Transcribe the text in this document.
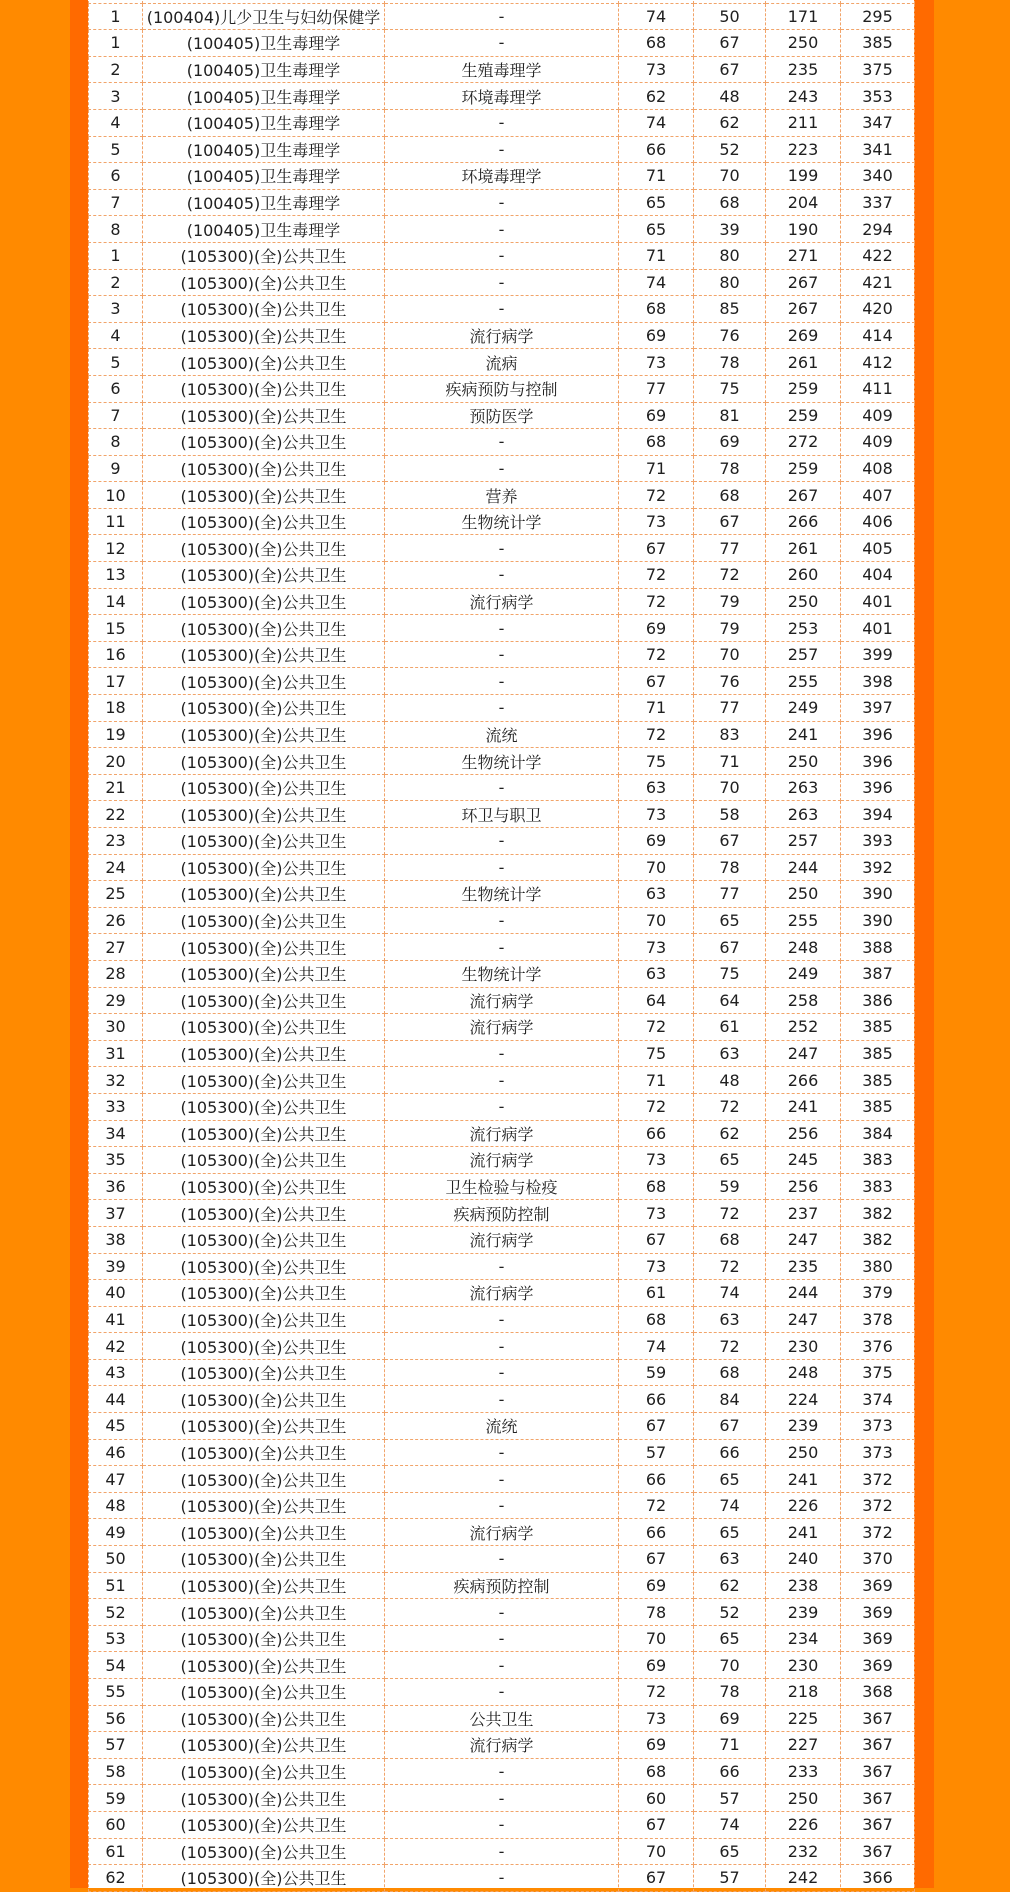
1	(100404)儿少卫生与妇幼保健学	-	74	50	171	295
1	(100405)卫生毒理学	-	68	67	250	385
2	(100405)卫生毒理学	生殖毒理学	73	67	235	375
3	(100405)卫生毒理学	环境毒理学	62	48	243	353
4	(100405)卫生毒理学	-	74	62	211	347
5	(100405)卫生毒理学	-	66	52	223	341
6	(100405)卫生毒理学	环境毒理学	71	70	199	340
7	(100405)卫生毒理学	-	65	68	204	337
8	(100405)卫生毒理学	-	65	39	190	294
1	(105300)(全)公共卫生	-	71	80	271	422
2	(105300)(全)公共卫生	-	74	80	267	421
3	(105300)(全)公共卫生	-	68	85	267	420
4	(105300)(全)公共卫生	流行病学	69	76	269	414
5	(105300)(全)公共卫生	流病	73	78	261	412
6	(105300)(全)公共卫生	疾病预防与控制	77	75	259	411
7	(105300)(全)公共卫生	预防医学	69	81	259	409
8	(105300)(全)公共卫生	-	68	69	272	409
9	(105300)(全)公共卫生	-	71	78	259	408
10	(105300)(全)公共卫生	营养	72	68	267	407
11	(105300)(全)公共卫生	生物统计学	73	67	266	406
12	(105300)(全)公共卫生	-	67	77	261	405
13	(105300)(全)公共卫生	-	72	72	260	404
14	(105300)(全)公共卫生	流行病学	72	79	250	401
15	(105300)(全)公共卫生	-	69	79	253	401
16	(105300)(全)公共卫生	-	72	70	257	399
17	(105300)(全)公共卫生	-	67	76	255	398
18	(105300)(全)公共卫生	-	71	77	249	397
19	(105300)(全)公共卫生	流统	72	83	241	396
20	(105300)(全)公共卫生	生物统计学	75	71	250	396
21	(105300)(全)公共卫生	-	63	70	263	396
22	(105300)(全)公共卫生	环卫与职卫	73	58	263	394
23	(105300)(全)公共卫生	-	69	67	257	393
24	(105300)(全)公共卫生	-	70	78	244	392
25	(105300)(全)公共卫生	生物统计学	63	77	250	390
26	(105300)(全)公共卫生	-	70	65	255	390
27	(105300)(全)公共卫生	-	73	67	248	388
28	(105300)(全)公共卫生	生物统计学	63	75	249	387
29	(105300)(全)公共卫生	流行病学	64	64	258	386
30	(105300)(全)公共卫生	流行病学	72	61	252	385
31	(105300)(全)公共卫生	-	75	63	247	385
32	(105300)(全)公共卫生	-	71	48	266	385
33	(105300)(全)公共卫生	-	72	72	241	385
34	(105300)(全)公共卫生	流行病学	66	62	256	384
35	(105300)(全)公共卫生	流行病学	73	65	245	383
36	(105300)(全)公共卫生	卫生检验与检疫	68	59	256	383
37	(105300)(全)公共卫生	疾病预防控制	73	72	237	382
38	(105300)(全)公共卫生	流行病学	67	68	247	382
39	(105300)(全)公共卫生	-	73	72	235	380
40	(105300)(全)公共卫生	流行病学	61	74	244	379
41	(105300)(全)公共卫生	-	68	63	247	378
42	(105300)(全)公共卫生	-	74	72	230	376
43	(105300)(全)公共卫生	-	59	68	248	375
44	(105300)(全)公共卫生	-	66	84	224	374
45	(105300)(全)公共卫生	流统	67	67	239	373
46	(105300)(全)公共卫生	-	57	66	250	373
47	(105300)(全)公共卫生	-	66	65	241	372
48	(105300)(全)公共卫生	-	72	74	226	372
49	(105300)(全)公共卫生	流行病学	66	65	241	372
50	(105300)(全)公共卫生	-	67	63	240	370
51	(105300)(全)公共卫生	疾病预防控制	69	62	238	369
52	(105300)(全)公共卫生	-	78	52	239	369
53	(105300)(全)公共卫生	-	70	65	234	369
54	(105300)(全)公共卫生	-	69	70	230	369
55	(105300)(全)公共卫生	-	72	78	218	368
56	(105300)(全)公共卫生	公共卫生	73	69	225	367
57	(105300)(全)公共卫生	流行病学	69	71	227	367
58	(105300)(全)公共卫生	-	68	66	233	367
59	(105300)(全)公共卫生	-	60	57	250	367
60	(105300)(全)公共卫生	-	67	74	226	367
61	(105300)(全)公共卫生	-	70	65	232	367
62	(105300)(全)公共卫生	-	67	57	242	366
